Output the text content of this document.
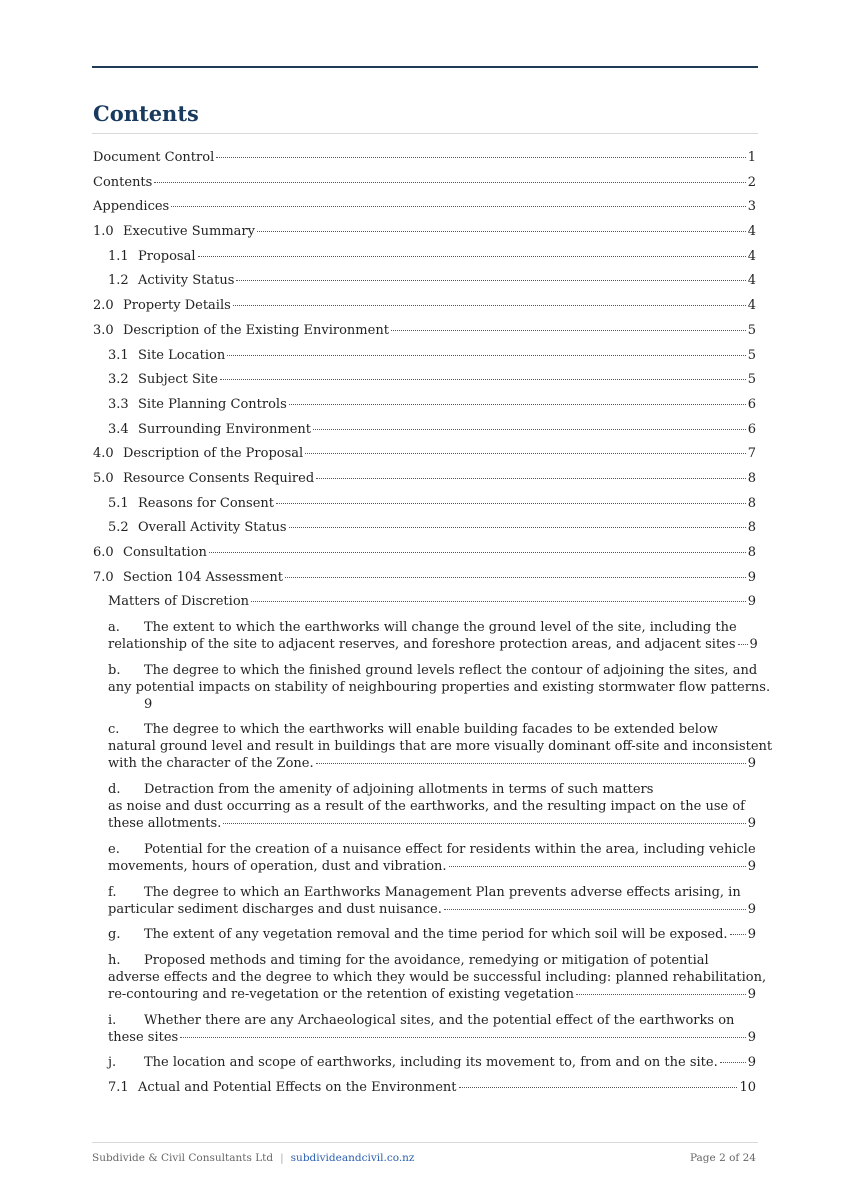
Contents
Document Control	1
Contents	2
Appendices	3
1.0 Executive Summary	4
1.1 Proposal	4
1.2 Activity Status	4
2.0 Property Details	4
3.0 Description of the Existing Environment	5
3.1 Site Location	5
3.2 Subject Site	5
3.3 Site Planning Controls	6
3.4 Surrounding Environment	6
4.0 Description of the Proposal	7
5.0 Resource Consents Required	8
5.1 Reasons for Consent	8
5.2 Overall Activity Status	8
6.0 Consultation	8
7.0 Section 104 Assessment	9
Matters of Discretion	9
a. The extent to which the earthworks will change the ground level of the site, including the
relationship of the site to adjacent reserves, and foreshore protection areas, and adjacent sites 9
b. The degree to which the finished ground levels reflect the contour of adjoining the sites, and
any potential impacts on stability of neighbouring properties and existing stormwater flow patterns.
9
c. The degree to which the earthworks will enable building facades to be extended below
natural ground level and result in buildings that are more visually dominant off-site and inconsistent
with the character of the Zone.	9
d. Detraction from the amenity of adjoining allotments in terms of such matters
as noise and dust occurring as a result of the earthworks, and the resulting impact on the use of
these allotments.	9
e. Potential for the creation of a nuisance effect for residents within the area, including vehicle
movements, hours of operation, dust and vibration.	9
f. The degree to which an Earthworks Management Plan prevents adverse effects arising, in
particular sediment discharges and dust nuisance.	9
g.	The extent of any vegetation removal and the time period for which soil will be exposed. 9
h. Proposed methods and timing for the avoidance, remedying or mitigation of potential
adverse effects and the degree to which they would be successful including: planned rehabilitation,
re-contouring and re-vegetation or the retention of existing vegetation	9
i. Whether there are any Archaeological sites, and the potential effect of the earthworks on
these sites	9
j.	The location and scope of earthworks, including its movement to, from and on the site. 9
7.1 Actual and Potential Effects on the Environment	10
Subdivide & Civil Consultants Ltd | subdivideandcivil.co.nz	Page 2 of 24
